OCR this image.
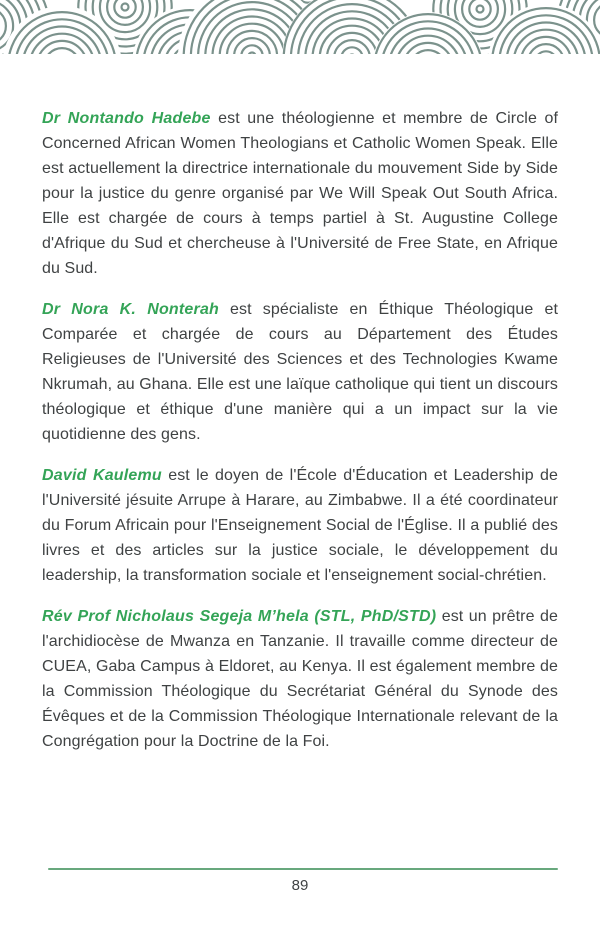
Dr Nontando Hadebe est une théologienne et membre de Circle of Concerned African Women Theologians et Catholic Women Speak. Elle est actuellement la directrice internationale du mouvement Side by Side pour la justice du genre organisé par We Will Speak Out South Africa. Elle est chargée de cours à temps partiel à St. Augustine College d'Afrique du Sud et chercheuse à l'Université de Free State, en Afrique du Sud.

Dr Nora K. Nonterah est spécialiste en Éthique Théologique et Comparée et chargée de cours au Département des Études Religieuses de l'Université des Sciences et des Technologies Kwame Nkrumah, au Ghana. Elle est une laïque catholique qui tient un discours théologique et éthique d'une manière qui a un impact sur la vie quotidienne des gens.

David Kaulemu est le doyen de l'École d'Éducation et Leadership de l'Université jésuite Arrupe à Harare, au Zimbabwe. Il a été coordinateur du Forum Africain pour l'Enseignement Social de l'Église. Il a publié des livres et des articles sur la justice sociale, le développement du leadership, la transformation sociale et l'enseignement social-chrétien.

Rév Prof Nicholaus Segeja M’hela (STL, PhD/STD) est un prêtre de l'archidiocèse de Mwanza en Tanzanie. Il travaille comme directeur de CUEA, Gaba Campus à Eldoret, au Kenya. Il est également membre de la Commission Théologique du Secrétariat Général du Synode des Évêques et de la Commission Théologique Internationale relevant de la Congrégation pour la Doctrine de la Foi.

89
